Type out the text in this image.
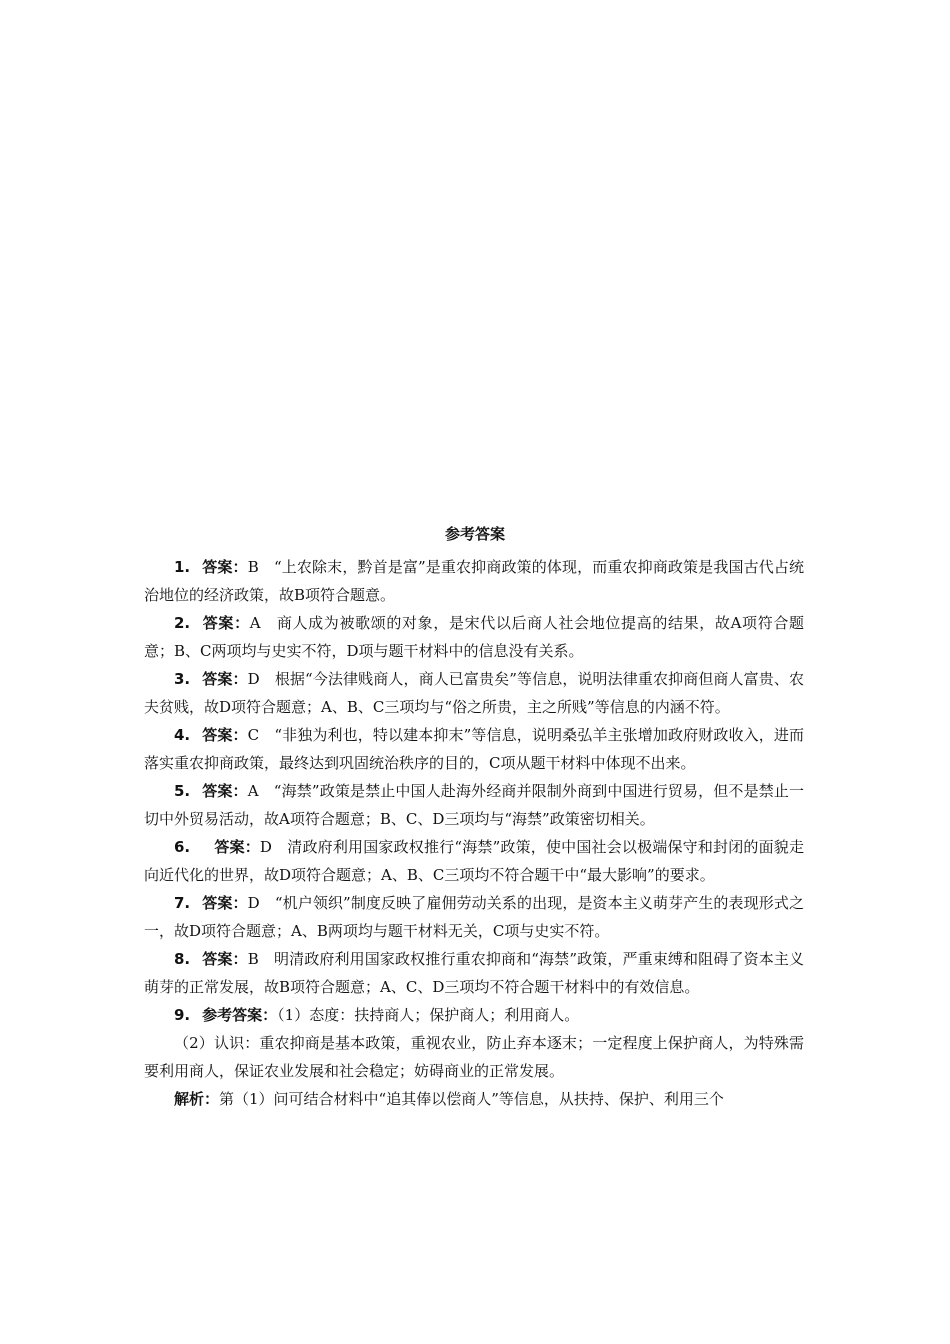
参考答案

1. 答案：B　“上农除末，黔首是富”是重农抑商政策的体现，而重农抑商政策是我国古代占统治地位的经济政策，故B项符合题意。

2. 答案：A　商人成为被歌颂的对象，是宋代以后商人社会地位提高的结果，故A项符合题意；B、C两项均与史实不符，D项与题干材料中的信息没有关系。

3. 答案：D　根据“今法律贱商人，商人已富贵矣”等信息，说明法律重农抑商但商人富贵、农夫贫贱，故D项符合题意；A、B、C三项均与“俗之所贵，主之所贱”等信息的内涵不符。

4. 答案：C　“非独为利也，特以建本抑末”等信息，说明桑弘羊主张增加政府财政收入，进而落实重农抑商政策，最终达到巩固统治秩序的目的，C项从题干材料中体现不出来。

5. 答案：A　“海禁”政策是禁止中国人赴海外经商并限制外商到中国进行贸易，但不是禁止一切中外贸易活动，故A项符合题意；B、C、D三项均与“海禁”政策密切相关。

6. 答案：D　清政府利用国家政权推行“海禁”政策，使中国社会以极端保守和封闭的面貌走向近代化的世界，故D项符合题意；A、B、C三项均不符合题干中“最大影响”的要求。

7. 答案：D　“机户领织”制度反映了雇佣劳动关系的出现，是资本主义萌芽产生的表现形式之一，故D项符合题意；A、B两项均与题干材料无关，C项与史实不符。

8. 答案：B　明清政府利用国家政权推行重农抑商和“海禁”政策，严重束缚和阻碍了资本主义萌芽的正常发展，故B项符合题意；A、C、D三项均不符合题干材料中的有效信息。

9. 参考答案：（1）态度：扶持商人；保护商人；利用商人。

（2）认识：重农抑商是基本政策，重视农业，防止弃本逐末；一定程度上保护商人，为特殊需要利用商人，保证农业发展和社会稳定；妨碍商业的正常发展。

解析：第（1）问可结合材料中“追其俸以偿商人”等信息，从扶持、保护、利用三个
